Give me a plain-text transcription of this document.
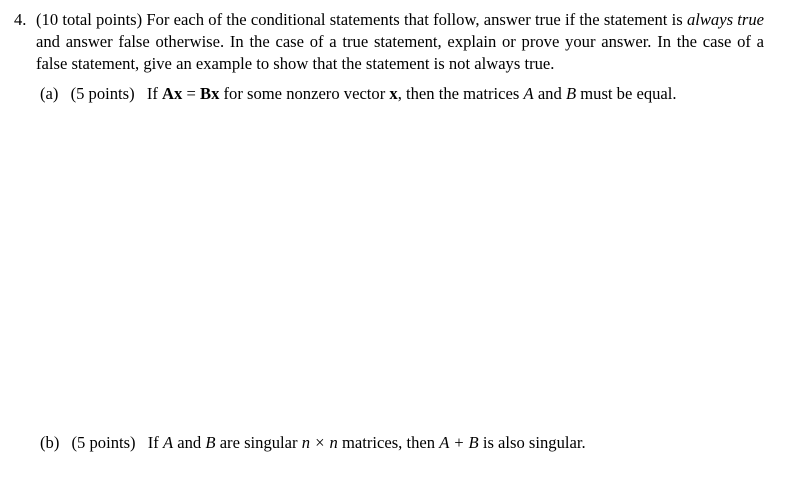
4. (10 total points) For each of the conditional statements that follow, answer true if the statement is always true and answer false otherwise. In the case of a true statement, explain or prove your answer. In the case of a false statement, give an example to show that the statement is not always true.
(a) (5 points) If Ax = Bx for some nonzero vector x, then the matrices A and B must be equal.
(b) (5 points) If A and B are singular n × n matrices, then A + B is also singular.
